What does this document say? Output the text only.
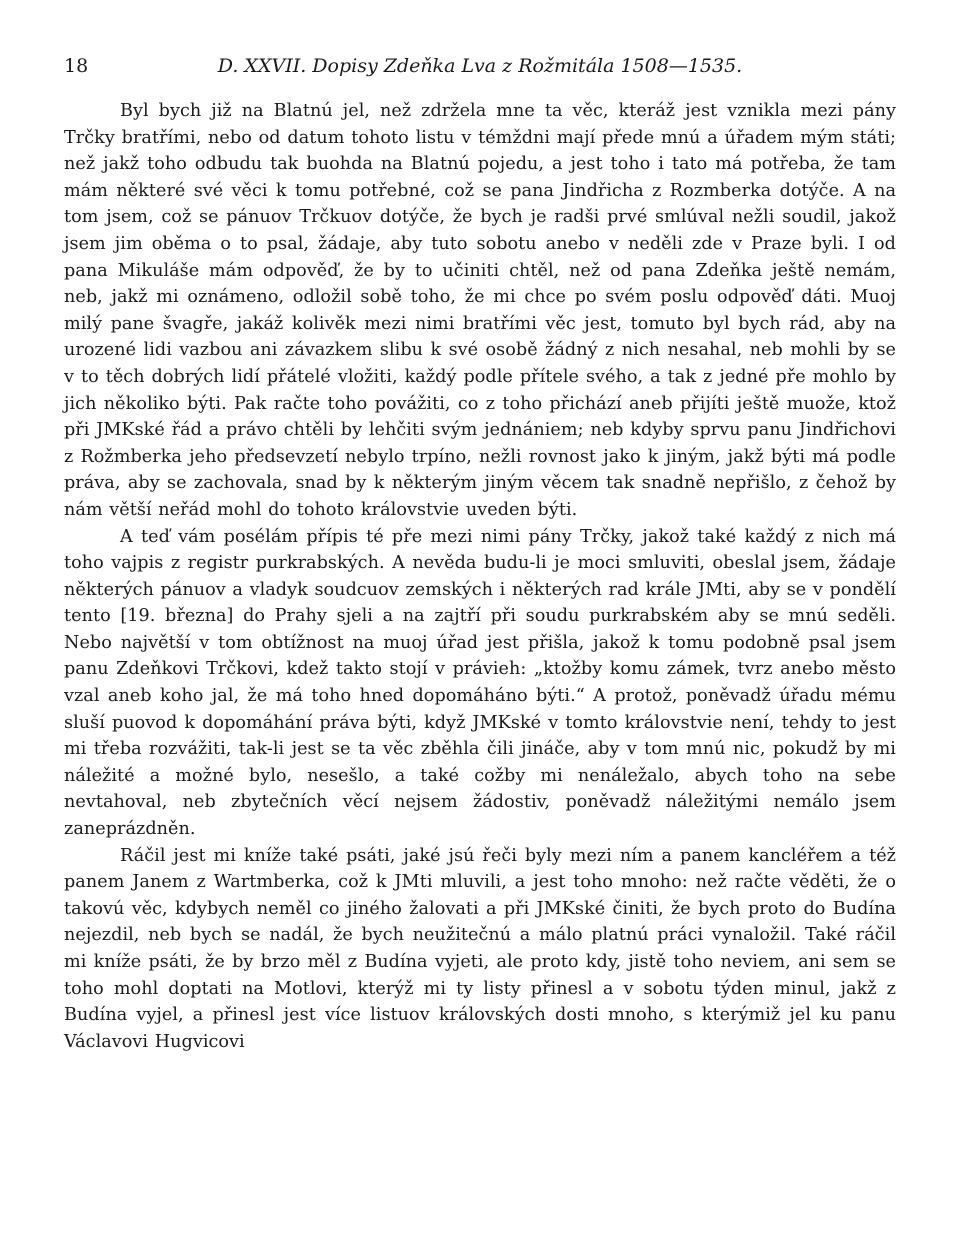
18	D. XXVII. Dopisy Zdeňka Lva z Rožmitála 1508—1535.

Byl bych již na Blatnú jel, než zdržela mne ta věc, kteráž jest vznikla mezi pány Trčky bratřími, nebo od datum tohoto listu v témždni mají přede mnú a úřadem mým státi; než jakž toho odbudu tak buohda na Blatnú pojedu, a jest toho i tato má potřeba, že tam mám některé své věci k tomu potřebné, což se pana Jindřicha z Rozmberka dotýče. A na tom jsem, což se pánuov Trčkuov dotýče, že bych je radši prvé smlúval nežli soudil, jakož jsem jim oběma o to psal, žádaje, aby tuto sobotu anebo v neděli zde v Praze byli. I od pana Mikuláše mám odpověď, že by to učiniti chtěl, než od pana Zdeňka ještě nemám, neb, jakž mi oznámeno, odložil sobě toho, že mi chce po svém poslu odpověď dáti. Muoj milý pane švagře, jakáž kolivěk mezi nimi bratřími věc jest, tomuto byl bych rád, aby na urozené lidi vazbou ani závazkem slibu k své osobě žádný z nich nesahal, neb mohli by se v to těch dobrých lidí přátelé vložiti, každý podle přítele svého, a tak z jedné pře mohlo by jich několiko býti. Pak račte toho povážiti, co z toho přichází aneb přijíti ještě muože, ktož při JMKské řád a právo chtěli by lehčiti svým jednániem; neb kdyby sprvu panu Jindřichovi z Rožmberka jeho předsevzetí nebylo trpíno, nežli rovnost jako k jiným, jakž býti má podle práva, aby se zachovala, snad by k některým jiným věcem tak snadně nepřišlo, z čehož by nám větší neřád mohl do tohoto královstvie uveden býti.

A teď vám posélám přípis té pře mezi nimi pány Trčky, jakož také každý z nich má toho vajpis z registr purkrabských. A nevěda budu-li je moci smluviti, obeslal jsem, žádaje některých pánuov a vladyk soudcuov zemských i některých rad krále JMti, aby se v pondělí tento [19. března] do Prahy sjeli a na zajtří při soudu purkrabském aby se mnú seděli. Nebo najvětší v tom obtížnost na muoj úřad jest přišla, jakož k tomu podobně psal jsem panu Zdeňkovi Trčkovi, kdež takto stojí v právieh: „ktožby komu zámek, tvrz anebo město vzal aneb koho jal, že má toho hned dopomáháno býti.“ A protož, poněvadž úřadu mému sluší puovod k dopomáhání práva býti, když JMKské v tomto královstvie není, tehdy to jest mi třeba rozvážiti, tak-li jest se ta věc zběhla čili jináče, aby v tom mnú nic, pokudž by mi náležité a možné bylo, nesešlo, a také cožby mi nenáležalo, abych toho na sebe nevtahoval, neb zbytečních věcí nejsem žádostiv, poněvadž náležitými nemálo jsem zaneprázdněn.

Ráčil jest mi kníže také psáti, jaké jsú řeči byly mezi ním a panem kancléřem a též panem Janem z Wartmberka, což k JMti mluvili, a jest toho mnoho: než račte věděti, že o takovú věc, kdybych neměl co jiného žalovati a při JMKské činiti, že bych proto do Budína nejezdil, neb bych se nadál, že bych neužitečnú a málo platnú práci vynaložil. Také ráčil mi kníže psáti, že by brzo měl z Budína vyjeti, ale proto kdy, jistě toho neviem, ani sem se toho mohl doptati na Motlovi, kterýž mi ty listy přinesl a v sobotu týden minul, jakž z Budína vyjel, a přinesl jest více listuov královských dosti mnoho, s kterýmiž jel ku panu Václavovi Hugvicovi
